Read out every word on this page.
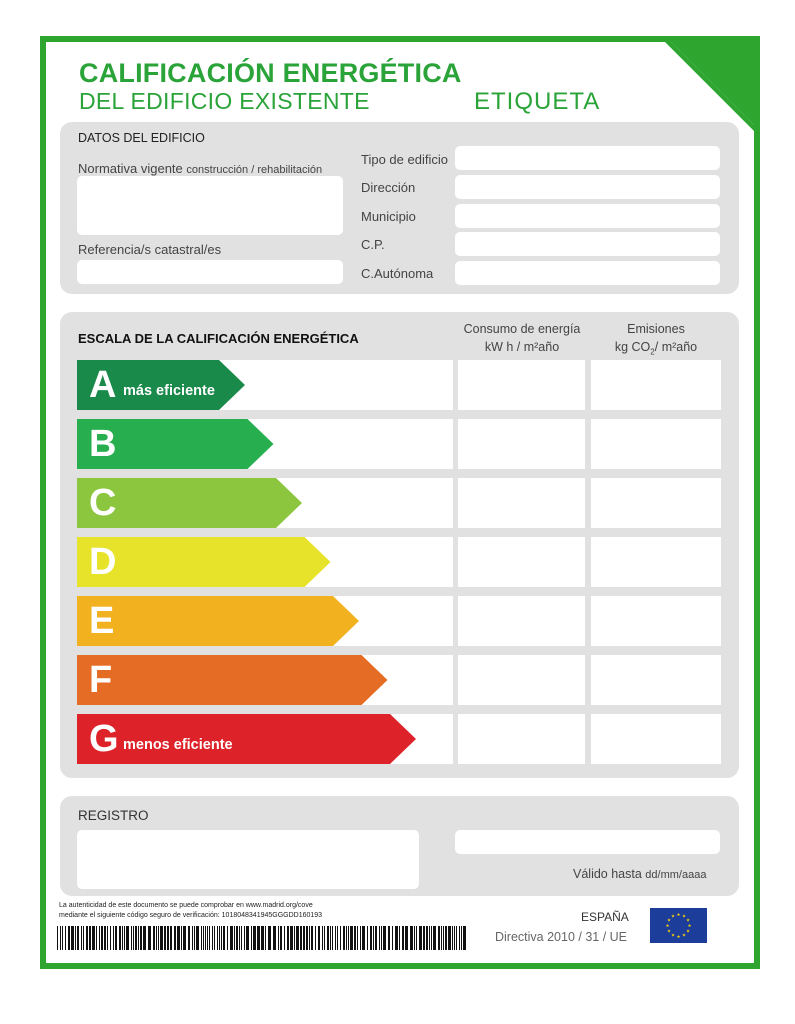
CALIFICACIÓN ENERGÉTICA
DEL EDIFICIO EXISTENTE	ETIQUETA
DATOS DEL EDIFICIO
Normativa vigente construcción / rehabilitación
Referencia/s catastral/es
Tipo de edificio
Dirección
Municipio
C.P.
C.Autónoma
ESCALA DE LA CALIFICACIÓN ENERGÉTICA
Consumo de energía
kW h / m²año
Emisiones
kg $CO_2/$ m²año
A más eficiente
B
C
D
E
F
G menos eficiente
REGISTRO
Válido hasta dd/mm/aaaa
La autenticidad de este documento se puede comprobar en www.madrid.org/cove
mediante el siguiente código seguro de verificación: 1018048341945GGGDD160193	ESPAÑA
Directiva 2010 / 31 / UE
★
★
★
★
★
★
★
★
★ ★ ★
★
